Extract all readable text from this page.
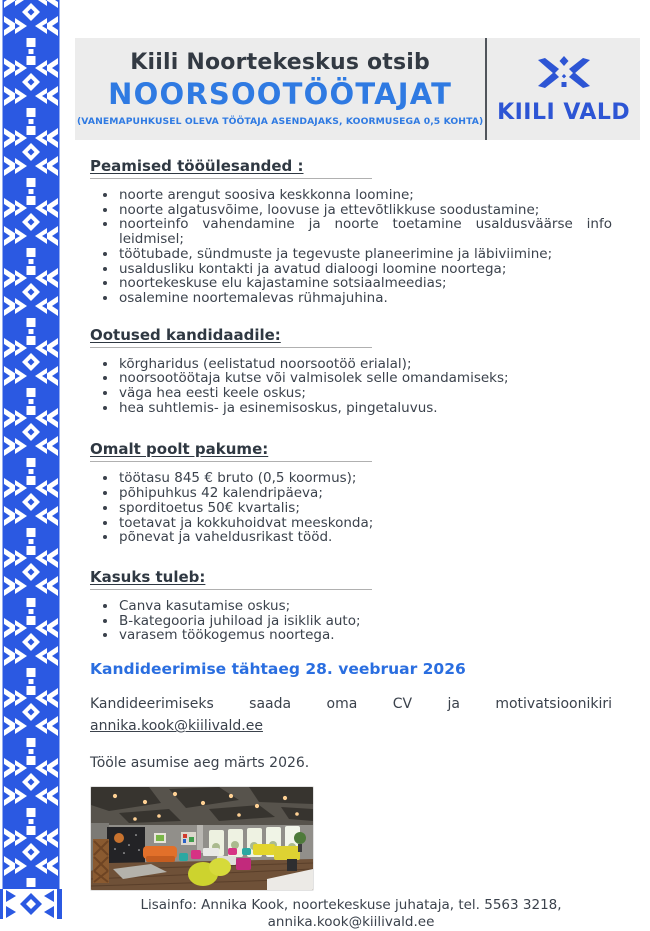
Kiili Noortekeskus otsib
NOORSOOTÖÖTAJAT
(VANEMAPUHKUSEL OLEVA TÖÖTAJA ASENDAJAKS, KOORMUSEGA 0,5 KOHTA) KIILI VALD
Peamised tööülesanded :
• noorte arengut soosiva keskkonna loomine;
• noorte algatusvõime, loovuse ja ettevõtlikkuse soodustamine;
• noorteinfo vahendamine ja noorte toetamine usaldusväärse info leidmisel;
• töötubade, sündmuste ja tegevuste planeerimine ja läbiviimine;
• usaldusliku kontakti ja avatud dialoogi loomine noortega;
• noortekeskuse elu kajastamine sotsiaalmeedias;
• osalemine noortemalevas rühmajuhina.
Ootused kandidaadile:
• kõrgharidus (eelistatud noorsootöö erialal);
• noorsootöötaja kutse või valmisolek selle omandamiseks;
• väga hea eesti keele oskus;
• hea suhtlemis- ja esinemisoskus, pingetaluvus.
Omalt poolt pakume:
• töötasu 845 € bruto (0,5 koormus);
• põhipuhkus 42 kalendripäeva;
• sporditoetus 50€ kvartalis;
• toetavat ja kokkuhoidvat meeskonda;
• põnevat ja vaheldusrikast tööd.
Kasuks tuleb:
• Canva kasutamise oskus;
• B-kategooria juhiload ja isiklik auto;
• varasem töökogemus noortega.
Kandideerimise tähtaeg 28. veebruar 2026

Kandideerimiseks saada oma CV ja motivatsioonikiri annika.kook@kiilivald.ee

Tööle asumise aeg märts 2026.
Lisainfo: Annika Kook, noortekeskuse juhataja, tel. 5563 3218,
annika.kook@kiilivald.ee
